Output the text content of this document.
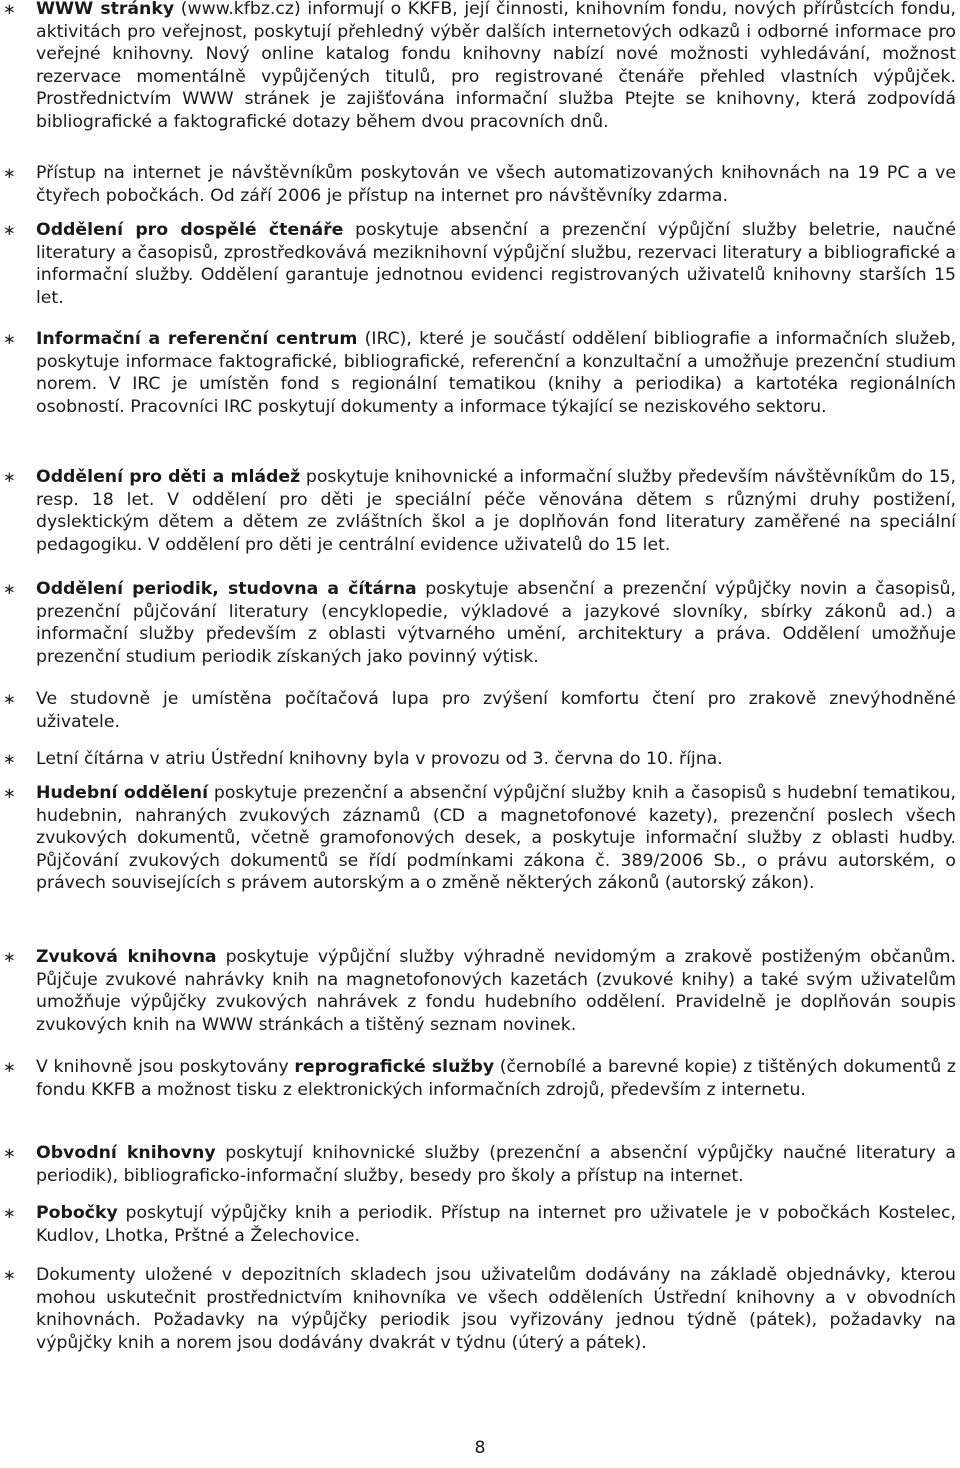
∗ WWW stránky (www.kfbz.cz) informují o KKFB, její činnosti, knihovním fondu, nových přírůstcích fondu, aktivitách pro veřejnost, poskytují přehledný výběr dalších internetových odkazů i odborné informace pro veřejné knihovny. Nový online katalog fondu knihovny nabízí nové možnosti vyhledávání, možnost rezervace momentálně vypůjčených titulů, pro registrované čtenáře přehled vlastních výpůjček. Prostřednictvím WWW stránek je zajišťována informační služba Ptejte se knihovny, která zodpovídá bibliografické a faktografické dotazy během dvou pracovních dnů.
∗ Přístup na internet je návštěvníkům poskytován ve všech automatizovaných knihovnách na 19 PC a ve čtyřech pobočkách. Od září 2006 je přístup na internet pro návštěvníky zdarma.
∗ Oddělení pro dospělé čtenáře poskytuje absenční a prezenční výpůjční služby beletrie, naučné literatury a časopisů, zprostředkovává meziknihovní výpůjční službu, rezervaci literatury a bibliografické a informační služby. Oddělení garantuje jednotnou evidenci registrovaných uživatelů knihovny starších 15 let.
∗ Informační a referenční centrum (IRC), které je součástí oddělení bibliografie a informačních služeb, poskytuje informace faktografické, bibliografické, referenční a konzultační a umožňuje prezenční studium norem. V IRC je umístěn fond s regionální tematikou (knihy a periodika) a kartotéka regionálních osobností. Pracovníci IRC poskytují dokumenty a informace týkající se neziskového sektoru.
∗ Oddělení pro děti a mládež poskytuje knihovnické a informační služby především návštěvníkům do 15, resp. 18 let. V oddělení pro děti je speciální péče věnována dětem s různými druhy postižení, dyslektickým dětem a dětem ze zvláštních škol a je doplňován fond literatury zaměřené na speciální pedagogiku. V oddělení pro děti je centrální evidence uživatelů do 15 let.
∗ Oddělení periodik, studovna a čítárna poskytuje absenční a prezenční výpůjčky novin a časopisů, prezenční půjčování literatury (encyklopedie, výkladové a jazykové slovníky, sbírky zákonů ad.) a informační služby především z oblasti výtvarného umění, architektury a práva. Oddělení umožňuje prezenční studium periodik získaných jako povinný výtisk.
∗ Ve studovně je umístěna počítačová lupa pro zvýšení komfortu čtení pro zrakově znevýhodněné uživatele.
∗ Letní čítárna v atriu Ústřední knihovny byla v provozu od 3. června do 10. října.
∗ Hudební oddělení poskytuje prezenční a absenční výpůjční služby knih a časopisů s hudební tematikou, hudebnin, nahraných zvukových záznamů (CD a magnetofonové kazety), prezenční poslech všech zvukových dokumentů, včetně gramofonových desek, a poskytuje informační služby z oblasti hudby. Půjčování zvukových dokumentů se řídí podmínkami zákona č. 389/2006 Sb., o právu autorském, o právech souvisejících s právem autorským a o změně některých zákonů (autorský zákon).
∗ Zvuková knihovna poskytuje výpůjční služby výhradně nevidomým a zrakově postiženým občanům. Půjčuje zvukové nahrávky knih na magnetofonových kazetách (zvukové knihy) a také svým uživatelům umožňuje výpůjčky zvukových nahrávek z fondu hudebního oddělení. Pravidelně je doplňován soupis zvukových knih na WWW stránkách a tištěný seznam novinek.
∗ V knihovně jsou poskytovány reprografické služby (černobílé a barevné kopie) z tištěných dokumentů z fondu KKFB a možnost tisku z elektronických informačních zdrojů, především z internetu.
∗ Obvodní knihovny poskytují knihovnické služby (prezenční a absenční výpůjčky naučné literatury a periodik), bibliograficko-informační služby, besedy pro školy a přístup na internet.
∗ Pobočky poskytují výpůjčky knih a periodik. Přístup na internet pro uživatele je v pobočkách Kostelec, Kudlov, Lhotka, Prštné a Želechovice.
∗ Dokumenty uložené v depozitních skladech jsou uživatelům dodávány na základě objednávky, kterou mohou uskutečnit prostřednictvím knihovníka ve všech odděleních Ústřední knihovny a v obvodních knihovnách. Požadavky na výpůjčky periodik jsou vyřizovány jednou týdně (pátek), požadavky na výpůjčky knih a norem jsou dodávány dvakrát v týdnu (úterý a pátek).
8
